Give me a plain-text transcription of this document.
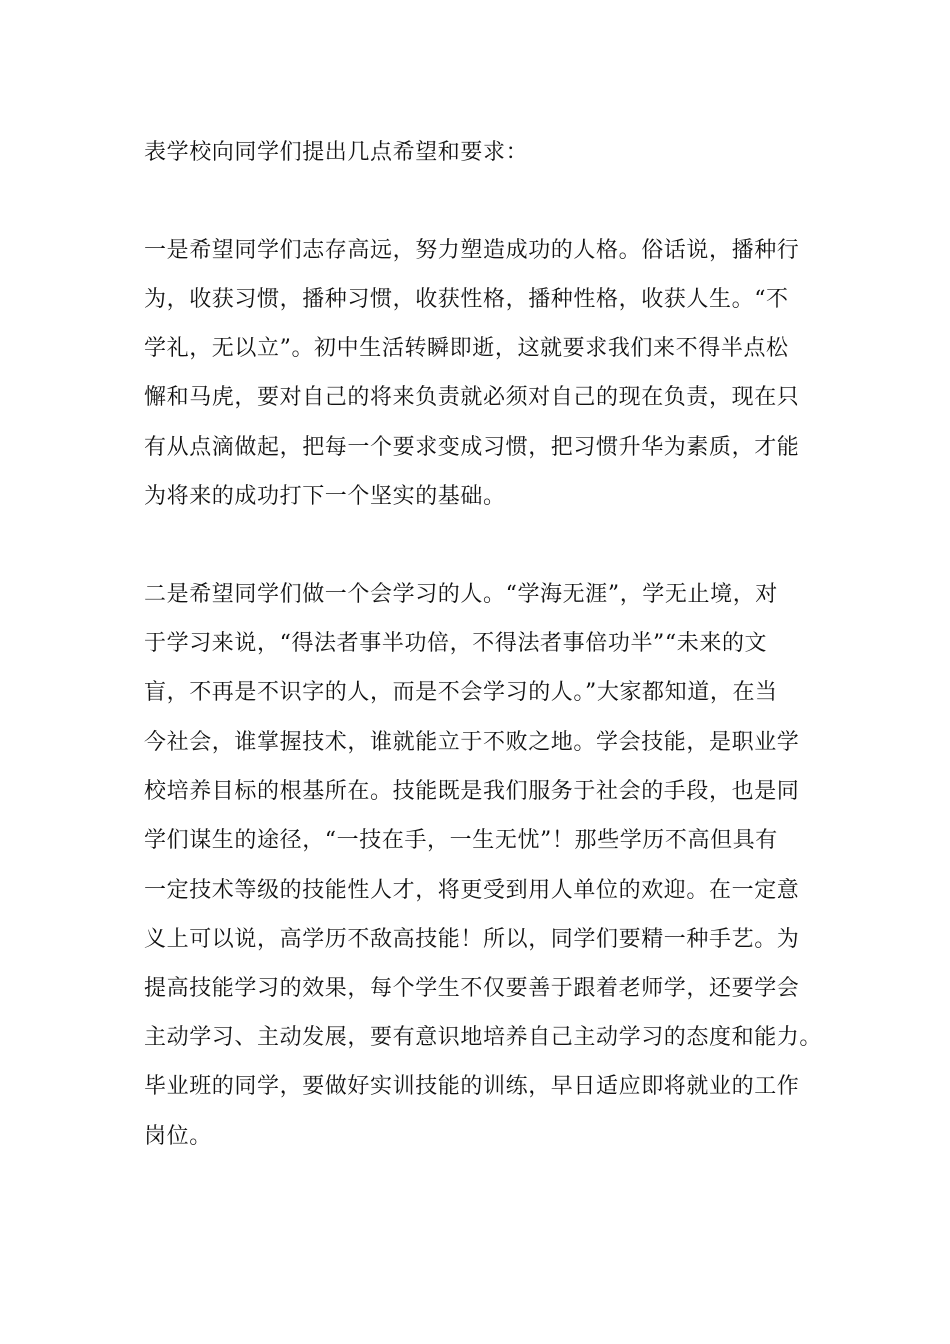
表学校向同学们提出几点希望和要求：
一是希望同学们志存高远，努力塑造成功的人格。俗话说，播种行
为，收获习惯，播种习惯，收获性格，播种性格，收获人生。“不
学礼，无以立”。初中生活转瞬即逝，这就要求我们来不得半点松
懈和马虎，要对自己的将来负责就必须对自己的现在负责，现在只
有从点滴做起，把每一个要求变成习惯，把习惯升华为素质，才能
为将来的成功打下一个坚实的基础。
二是希望同学们做一个会学习的人。“学海无涯”，学无止境，对
于学习来说，“得法者事半功倍，不得法者事倍功半”“未来的文
盲，不再是不识字的人，而是不会学习的人。”大家都知道，在当
今社会，谁掌握技术，谁就能立于不败之地。学会技能，是职业学
校培养目标的根基所在。技能既是我们服务于社会的手段，也是同
学们谋生的途径，“一技在手，一生无忧”！那些学历不高但具有
一定技术等级的技能性人才，将更受到用人单位的欢迎。在一定意
义上可以说，高学历不敌高技能！所以，同学们要精一种手艺。为
提高技能学习的效果，每个学生不仅要善于跟着老师学，还要学会
主动学习、主动发展，要有意识地培养自己主动学习的态度和能力。
毕业班的同学，要做好实训技能的训练，早日适应即将就业的工作
岗位。
